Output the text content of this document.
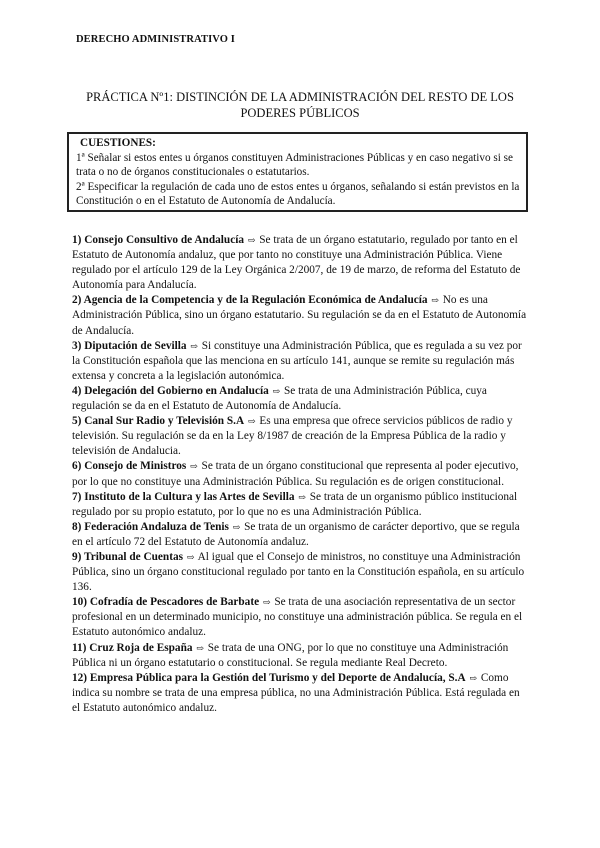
DERECHO ADMINISTRATIVO I
PRÁCTICA Nº1: DISTINCIÓN DE LA ADMINISTRACIÓN DEL RESTO DE LOS PODERES PÚBLICOS
CUESTIONES:
1ª Señalar si estos entes u órganos constituyen Administraciones Públicas y en caso negativo si se trata o no de órganos constitucionales o estatutarios.
2ª Especificar la regulación de cada uno de estos entes u órganos, señalando si están previstos en la Constitución o en el Estatuto de Autonomía de Andalucía.

1) Consejo Consultivo de Andalucía ⇨ Se trata de un órgano estatutario, regulado por tanto en el Estatuto de Autonomía andaluz, que por tanto no constituye una Administración Pública. Viene regulado por el artículo 129 de la Ley Orgánica 2/2007, de 19 de marzo, de reforma del Estatuto de Autonomía para Andalucía.

2) Agencia de la Competencia y de la Regulación Económica de Andalucía ⇨ No es una Administración Pública, sino un órgano estatutario. Su regulación se da en el Estatuto de Autonomía de Andalucía.

3) Diputación de Sevilla ⇨ Si constituye una Administración Pública, que es regulada a su vez por la Constitución española que las menciona en su artículo 141, aunque se remite su regulación más extensa y concreta a la legislación autonómica.

4) Delegación del Gobierno en Andalucía ⇨ Se trata de una Administración Pública, cuya regulación se da en el Estatuto de Autonomía de Andalucía.

5) Canal Sur Radio y Televisión S.A ⇨ Es una empresa que ofrece servicios públicos de radio y televisión. Su regulación se da en la Ley 8/1987 de creación de la Empresa Pública de la radio y televisión de Andalucia.

6) Consejo de Ministros ⇨ Se trata de un órgano constitucional que representa al poder ejecutivo, por lo que no constituye una Administración Pública. Su regulación es de origen constitucional.

7) Instituto de la Cultura y las Artes de Sevilla ⇨ Se trata de un organismo público institucional regulado por su propio estatuto, por lo que no es una Administración Pública.

8) Federación Andaluza de Tenis ⇨ Se trata de un organismo de carácter deportivo, que se regula en el artículo 72 del Estatuto de Autonomía andaluz.

9) Tribunal de Cuentas ⇨ Al igual que el Consejo de ministros, no constituye una Administración Pública, sino un órgano constitucional regulado por tanto en la Constitución española, en su artículo 136.

10) Cofradía de Pescadores de Barbate ⇨ Se trata de una asociación representativa de un sector profesional en un determinado municipio, no constituye una administración pública. Se regula en el Estatuto autonómico andaluz.

11) Cruz Roja de España ⇨ Se trata de una ONG, por lo que no constituye una Administración Pública ni un órgano estatutario o constitucional. Se regula mediante Real Decreto.

12) Empresa Pública para la Gestión del Turismo y del Deporte de Andalucía, S.A ⇨ Como indica su nombre se trata de una empresa pública, no una Administración Pública. Está regulada en el Estatuto autonómico andaluz.
